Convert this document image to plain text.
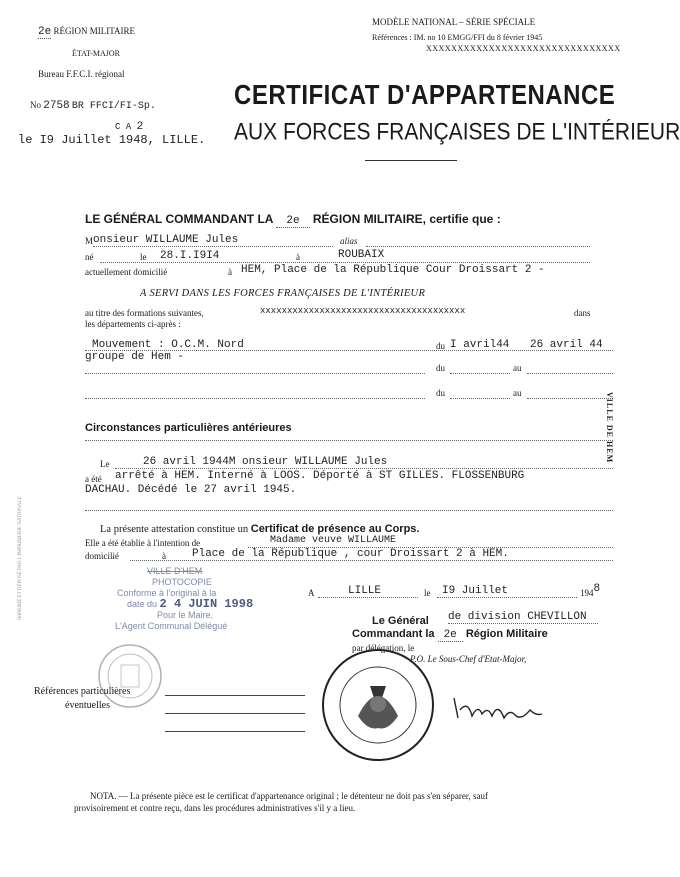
2e RÉGION MILITAIRE
ÉTAT-MAJOR
Bureau F.F.C.I. régional
No 2758 BR FFCI/FI-Sp.
C A 2
le I9 Juillet 1948, LILLE.
MODÈLE NATIONAL – SÉRIE SPÉCIALE
Références : IM. no 10 EMGG/FFI du 8 février 1945
XXXXXXXXXXXXXXXXXXXXXXXXXXXXXXX
CERTIFICAT D'APPARTENANCE
AUX FORCES FRANÇAISES DE L'INTÉRIEUR
LE GÉNÉRAL COMMANDANT LA 2e RÉGION MILITAIRE, certifie que :
M onsieur WILLAUME Jules	alias
né	le 28.I.I9I4	à	ROUBAIX
actuellement domicilié	à HEM, Place de la République Cour Droissart 2 -
A SERVI DANS LES FORCES FRANÇAISES DE L'INTÉRIEUR
au titre des formations suivantes,	xxxxxxxxxxxxxxxxxxxxxxxxxxxxxxxxxxxxxx	dans
les départements ci-après :
Mouvement : O.C.M. Nord
groupe de Hem -
du I avril44 26 avril 44
du	au
du	au
Circonstances particulières antérieures
Le	26 avril 1944M onsieur WILLAUME Jules
a été arrêté à HEM. Interné à LOOS. Déporté à ST GILLES. FLOSSENBURG
DACHAU. Décédé le 27 avril 1945.
La présente attestation constitue un Certificat de présence au Corps.
Elle a été établie à l'intention de	Madame veuve WILLAUME
domicilié	à Place de la République , cour Droissart 2 à HEM.
VILLE D'HEM
PHOTOCOPIE
Conforme à l'original à la
date du 2 4 JUIN 1998
Pour le Maire,
L'Agent Communal Délégué
A	LILLE	le I9 Juillet	1948
Le Général de division CHEVILLON
Commandant la 2e Région Militaire
par délégation, le
P.O. Le Sous-Chef d'Etat-Major,
Références particulières
éventuelles
NOTA. — La présente pièce est le certificat d'appartenance original ; le détenteur ne doit pas s'en séparer, sauf
provisoirement et contre reçu, dans les procédures administratives s'il y a lieu.
IMPRIMÉ ET DÉPOSÉ PAR L'IMPRIMERIE NATIONALE
VILLE DE HEM
